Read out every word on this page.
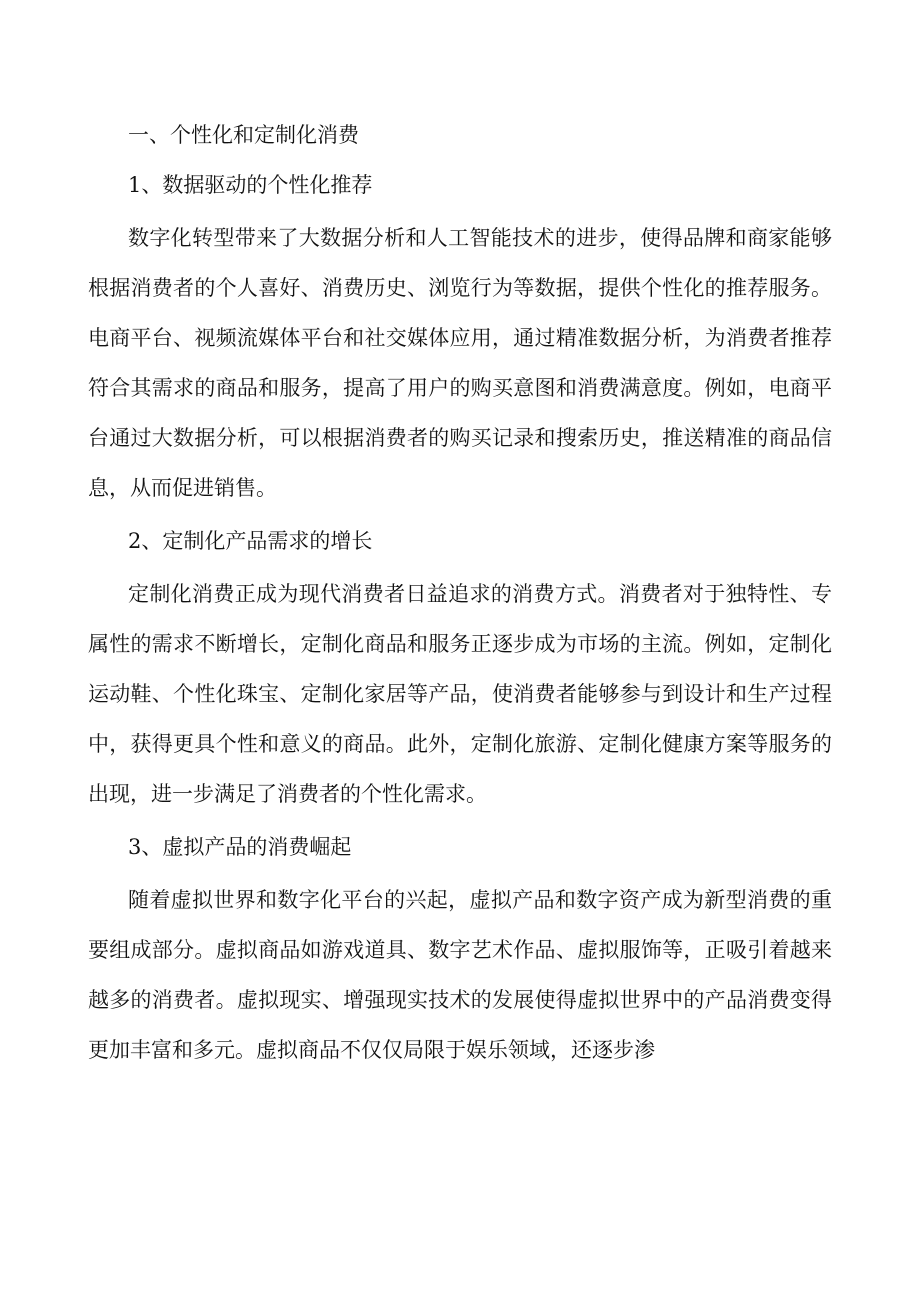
一、个性化和定制化消费
1、数据驱动的个性化推荐

数字化转型带来了大数据分析和人工智能技术的进步，使得品牌和商家能够根据消费者的个人喜好、消费历史、浏览行为等数据，提供个性化的推荐服务。电商平台、视频流媒体平台和社交媒体应用，通过精准数据分析，为消费者推荐符合其需求的商品和服务，提高了用户的购买意图和消费满意度。例如，电商平台通过大数据分析，可以根据消费者的购买记录和搜索历史，推送精准的商品信息，从而促进销售。

2、定制化产品需求的增长

定制化消费正成为现代消费者日益追求的消费方式。消费者对于独特性、专属性的需求不断增长，定制化商品和服务正逐步成为市场的主流。例如，定制化运动鞋、个性化珠宝、定制化家居等产品，使消费者能够参与到设计和生产过程中，获得更具个性和意义的商品。此外，定制化旅游、定制化健康方案等服务的出现，进一步满足了消费者的个性化需求。

3、虚拟产品的消费崛起

随着虚拟世界和数字化平台的兴起，虚拟产品和数字资产成为新型消费的重要组成部分。虚拟商品如游戏道具、数字艺术作品、虚拟服饰等，正吸引着越来越多的消费者。虚拟现实、增强现实技术的发展使得虚拟世界中的产品消费变得更加丰富和多元。虚拟商品不仅仅局限于娱乐领域，还逐步渗
